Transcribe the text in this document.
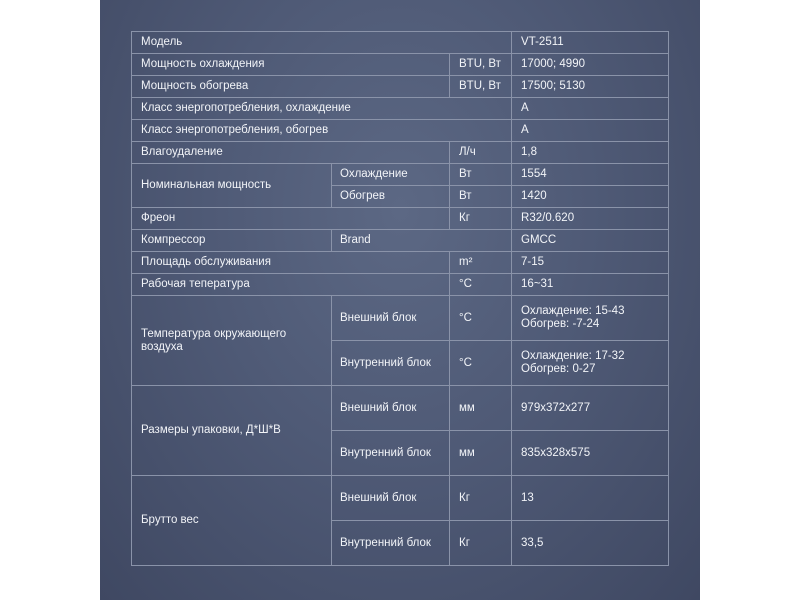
Модель			VT-2511
Мощность охлаждения		BTU, Вт	17000; 4990
Мощность обогрева		BTU, Вт	17500; 5130
Класс энергопотребления, охлаждение			A
Класс энергопотребления, обогрев			A
Влагоудаление		Л/ч	1,8
Номинальная мощность	Охлаждение	Вт	1554
	Обогрев	Вт	1420
Фреон		Кг	R32/0.620
Компрессор	Brand		GMCC
Площадь обслуживания		m²	7-15
Рабочая тепература		°C	16~31
Температура окружающего воздуха	Внешний блок	°C	Охлаждение: 15-43 Обогрев: -7-24
	Внутренний блок	°C	Охлаждение: 17-32 Обогрев: 0-27
Размеры упаковки, Д*Ш*В	Внешний блок	мм	979x372x277
	Внутренний блок	мм	835x328x575
Брутто вес	Внешний блок	Кг	13
	Внутренний блок	Кг	33,5
